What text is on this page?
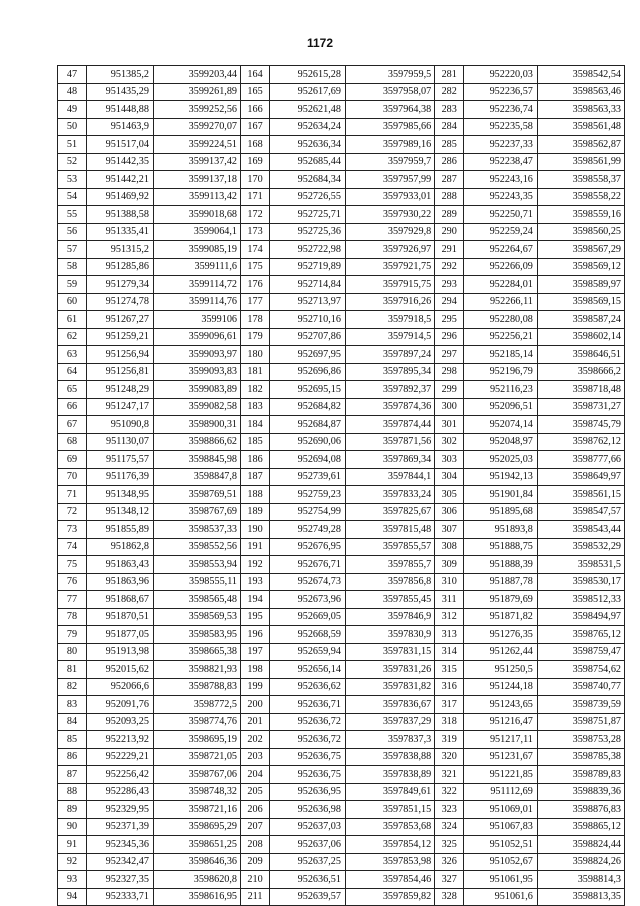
1172
47	951385,2	3599203,44	164	952615,28	3597959,5	281	952220,03	3598542,54
48	951435,29	3599261,89	165	952617,69	3597958,07	282	952236,57	3598563,46
49	951448,88	3599252,56	166	952621,48	3597964,38	283	952236,74	3598563,33
50	951463,9	3599270,07	167	952634,24	3597985,66	284	952235,58	3598561,48
51	951517,04	3599224,51	168	952636,34	3597989,16	285	952237,33	3598562,87
52	951442,35	3599137,42	169	952685,44	3597959,7	286	952238,47	3598561,99
53	951442,21	3599137,18	170	952684,34	3597957,99	287	952243,16	3598558,37
54	951469,92	3599113,42	171	952726,55	3597933,01	288	952243,35	3598558,22
55	951388,58	3599018,68	172	952725,71	3597930,22	289	952250,71	3598559,16
56	951335,41	3599064,1	173	952725,36	3597929,8	290	952259,24	3598560,25
57	951315,2	3599085,19	174	952722,98	3597926,97	291	952264,67	3598567,29
58	951285,86	3599111,6	175	952719,89	3597921,75	292	952266,09	3598569,12
59	951279,34	3599114,72	176	952714,84	3597915,75	293	952284,01	3598589,97
60	951274,78	3599114,76	177	952713,97	3597916,26	294	952266,11	3598569,15
61	951267,27	3599106	178	952710,16	3597918,5	295	952280,08	3598587,24
62	951259,21	3599096,61	179	952707,86	3597914,5	296	952256,21	3598602,14
63	951256,94	3599093,97	180	952697,95	3597897,24	297	952185,14	3598646,51
64	951256,81	3599093,83	181	952696,86	3597895,34	298	952196,79	3598666,2
65	951248,29	3599083,89	182	952695,15	3597892,37	299	952116,23	3598718,48
66	951247,17	3599082,58	183	952684,82	3597874,36	300	952096,51	3598731,27
67	951090,8	3598900,31	184	952684,87	3597874,44	301	952074,14	3598745,79
68	951130,07	3598866,62	185	952690,06	3597871,56	302	952048,97	3598762,12
69	951175,57	3598845,98	186	952694,08	3597869,34	303	952025,03	3598777,66
70	951176,39	3598847,8	187	952739,61	3597844,1	304	951942,13	3598649,97
71	951348,95	3598769,51	188	952759,23	3597833,24	305	951901,84	3598561,15
72	951348,12	3598767,69	189	952754,99	3597825,67	306	951895,68	3598547,57
73	951855,89	3598537,33	190	952749,28	3597815,48	307	951893,8	3598543,44
74	951862,8	3598552,56	191	952676,95	3597855,57	308	951888,75	3598532,29
75	951863,43	3598553,94	192	952676,71	3597855,7	309	951888,39	3598531,5
76	951863,96	3598555,11	193	952674,73	3597856,8	310	951887,78	3598530,17
77	951868,67	3598565,48	194	952673,96	3597855,45	311	951879,69	3598512,33
78	951870,51	3598569,53	195	952669,05	3597846,9	312	951871,82	3598494,97
79	951877,05	3598583,95	196	952668,59	3597830,9	313	951276,35	3598765,12
80	951913,98	3598665,38	197	952659,94	3597831,15	314	951262,44	3598759,47
81	952015,62	3598821,93	198	952656,14	3597831,26	315	951250,5	3598754,62
82	952066,6	3598788,83	199	952636,62	3597831,82	316	951244,18	3598740,77
83	952091,76	3598772,5	200	952636,71	3597836,67	317	951243,65	3598739,59
84	952093,25	3598774,76	201	952636,72	3597837,29	318	951216,47	3598751,87
85	952213,92	3598695,19	202	952636,72	3597837,3	319	951217,11	3598753,28
86	952229,21	3598721,05	203	952636,75	3597838,88	320	951231,67	3598785,38
87	952256,42	3598767,06	204	952636,75	3597838,89	321	951221,85	3598789,83
88	952286,43	3598748,32	205	952636,95	3597849,61	322	951112,69	3598839,36
89	952329,95	3598721,16	206	952636,98	3597851,15	323	951069,01	3598876,83
90	952371,39	3598695,29	207	952637,03	3597853,68	324	951067,83	3598865,12
91	952345,36	3598651,25	208	952637,06	3597854,12	325	951052,51	3598824,44
92	952342,47	3598646,36	209	952637,25	3597853,98	326	951052,67	3598824,26
93	952327,35	3598620,8	210	952636,51	3597854,46	327	951061,95	3598814,3
94	952333,71	3598616,95	211	952639,57	3597859,82	328	951061,6	3598813,35
